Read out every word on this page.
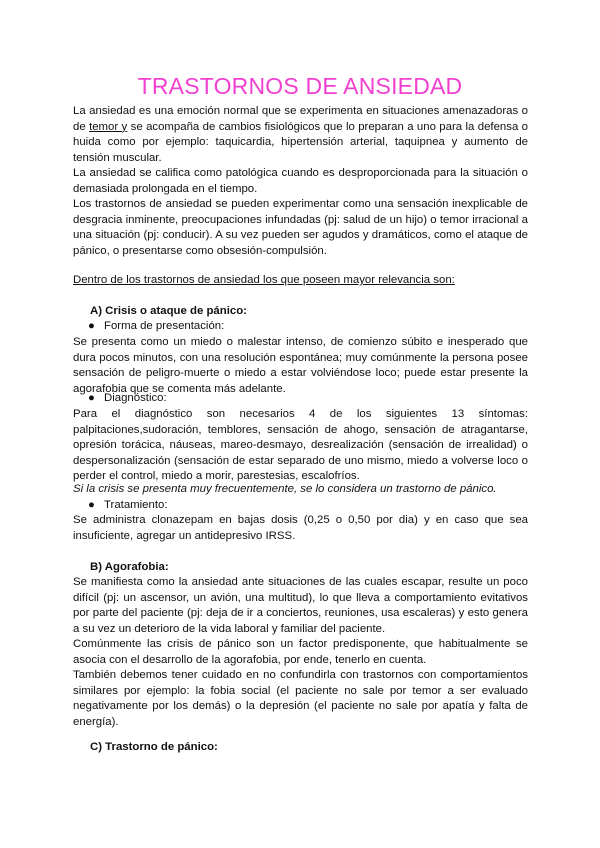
TRASTORNOS DE ANSIEDAD

La ansiedad es una emoción normal que se experimenta en situaciones amenazadoras o de temor y se acompaña de cambios fisiológicos que lo preparan a uno para la defensa o huida como por ejemplo: taquicardia, hipertensión arterial, taquipnea y aumento de tensión muscular.

La ansiedad se califica como patológica cuando es desproporcionada para la situación o demasiada prolongada en el tiempo.

Los trastornos de ansiedad se pueden experimentar como una sensación inexplicable de desgracia inminente, preocupaciones infundadas (pj: salud de un hijo) o temor irracional a una situación (pj: conducir). A su vez pueden ser agudos y dramáticos, como el ataque de pánico, o presentarse como obsesión-compulsión.

Dentro de los trastornos de ansiedad los que poseen mayor relevancia son:

A) Crisis o ataque de pánico:

● Forma de presentación:

Se presenta como un miedo o malestar intenso, de comienzo súbito e inesperado que dura pocos minutos, con una resolución espontánea; muy comúnmente la persona posee sensación de peligro-muerte o miedo a estar volviéndose loco; puede estar presente la agorafobia que se comenta más adelante.

● Diagnóstico:

Para el diagnóstico son necesarios 4 de los siguientes 13 síntomas: palpitaciones,sudoración, temblores, sensación de ahogo, sensación de atragantarse, opresión torácica, náuseas, mareo-desmayo, desrealización (sensación de irrealidad) o despersonalización (sensación de estar separado de uno mismo, miedo a volverse loco o perder el control, miedo a morir, parestesias, escalofríos.

Si la crisis se presenta muy frecuentemente, se lo considera un trastorno de pánico.

● Tratamiento:

Se administra clonazepam en bajas dosis (0,25 o 0,50 por dia) y en caso que sea insuficiente, agregar un antidepresivo IRSS.

B) Agorafobia:

Se manifiesta como la ansiedad ante situaciones de las cuales escapar, resulte un poco difícil (pj: un ascensor, un avión, una multitud), lo que lleva a comportamiento evitativos por parte del paciente (pj: deja de ir a conciertos, reuniones, usa escaleras) y esto genera a su vez un deterioro de la vida laboral y familiar del paciente.

Comúnmente las crisis de pánico son un factor predisponente, que habitualmente se asocia con el desarrollo de la agorafobia, por ende, tenerlo en cuenta.

También debemos tener cuidado en no confundirla con trastornos con comportamientos similares por ejemplo: la fobia social (el paciente no sale por temor a ser evaluado negativamente por los demás) o la depresión (el paciente no sale por apatía y falta de energía).

C) Trastorno de pánico:
